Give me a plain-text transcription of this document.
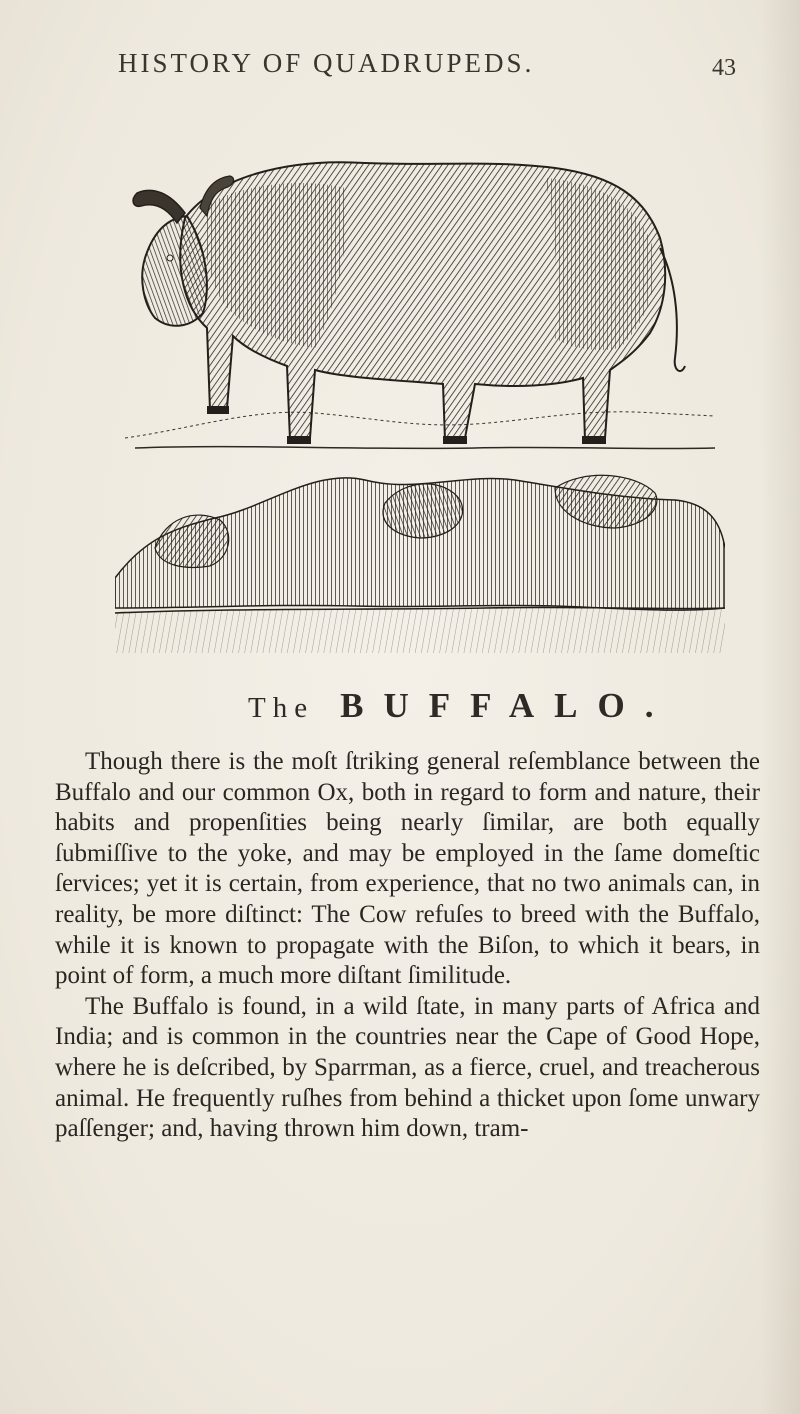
HISTORY OF QUADRUPEDS.	43
The BUFFALO.

Though there is the moſt ſtriking general reſemblance between the Buffalo and our common Ox, both in regard to form and nature, their habits and propenſities being nearly ſimilar, are both equally ſubmiſſive to the yoke, and may be employed in the ſame domeſtic ſervices; yet it is certain, from experience, that no two animals can, in reality, be more diſtinct: The Cow refuſes to breed with the Buffalo, while it is known to propagate with the Biſon, to which it bears, in point of form, a much more diſtant ſimilitude.

The Buffalo is found, in a wild ſtate, in many parts of Africa and India; and is common in the countries near the Cape of Good Hope, where he is deſcribed, by Sparrman, as a fierce, cruel, and treacherous animal. He frequently ruſhes from behind a thicket upon ſome unwary paſſenger; and, having thrown him down, tram-
